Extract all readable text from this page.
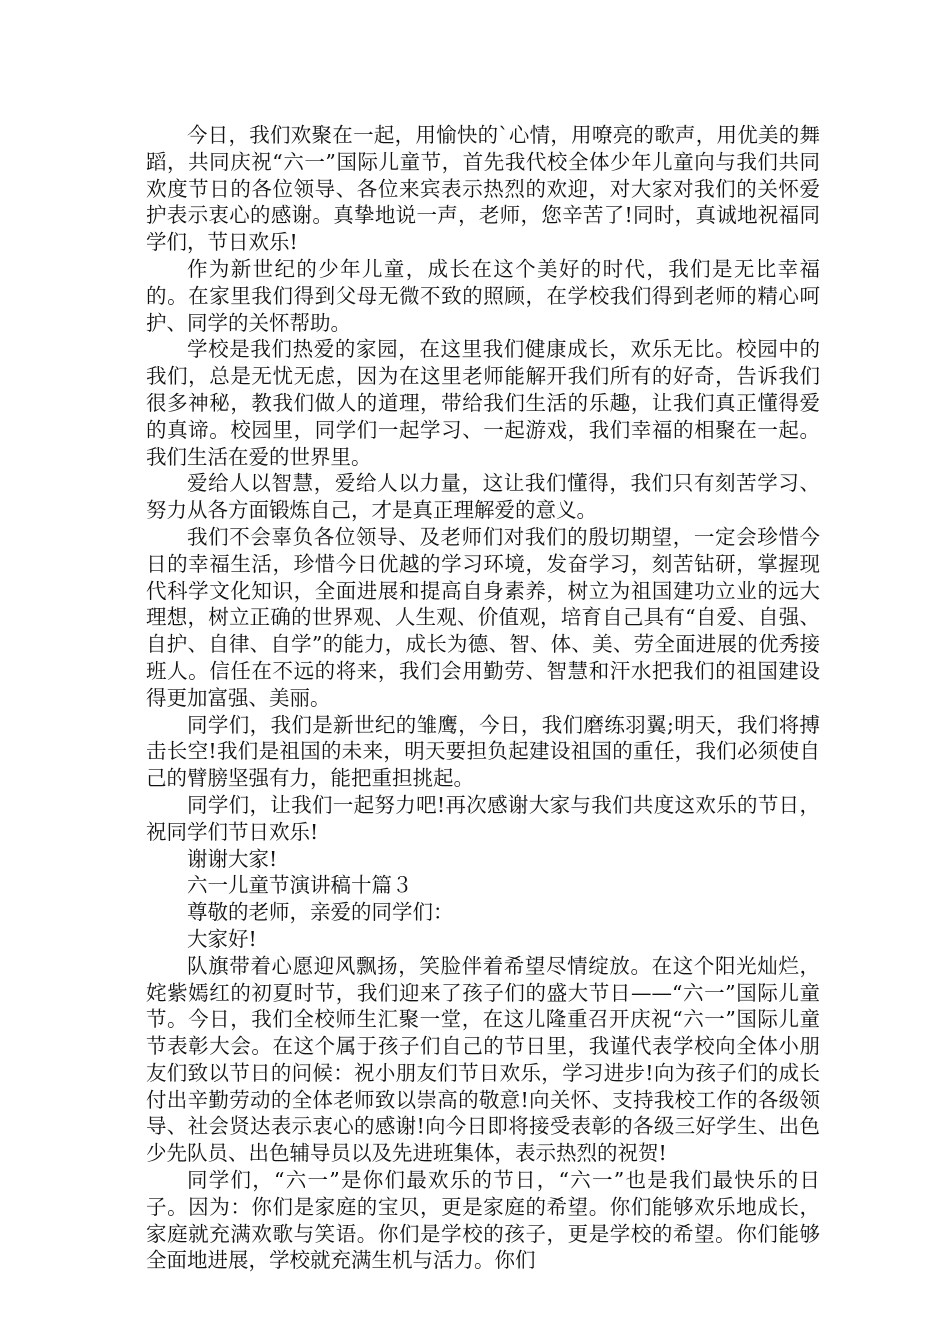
今日，我们欢聚在一起，用愉快的`心情，用嘹亮的歌声，用优美的舞蹈，共同庆祝“六一”国际儿童节，首先我代校全体少年儿童向与我们共同欢度节日的各位领导、各位来宾表示热烈的欢迎，对大家对我们的关怀爱护表示衷心的感谢。真挚地说一声，老师，您辛苦了!同时，真诚地祝福同学们，节日欢乐!

作为新世纪的少年儿童，成长在这个美好的时代，我们是无比幸福的。在家里我们得到父母无微不致的照顾，在学校我们得到老师的精心呵护、同学的关怀帮助。

学校是我们热爱的家园，在这里我们健康成长，欢乐无比。校园中的我们，总是无忧无虑，因为在这里老师能解开我们所有的好奇，告诉我们很多神秘，教我们做人的道理，带给我们生活的乐趣，让我们真正懂得爱的真谛。校园里，同学们一起学习、一起游戏，我们幸福的相聚在一起。我们生活在爱的世界里。

爱给人以智慧，爱给人以力量，这让我们懂得，我们只有刻苦学习、努力从各方面锻炼自己，才是真正理解爱的意义。

我们不会辜负各位领导、及老师们对我们的殷切期望，一定会珍惜今日的幸福生活，珍惜今日优越的学习环境，发奋学习，刻苦钻研，掌握现代科学文化知识，全面进展和提高自身素养，树立为祖国建功立业的远大理想，树立正确的世界观、人生观、价值观，培育自己具有“自爱、自强、自护、自律、自学”的能力，成长为德、智、体、美、劳全面进展的优秀接班人。信任在不远的将来，我们会用勤劳、智慧和汗水把我们的祖国建设得更加富强、美丽。

同学们，我们是新世纪的雏鹰，今日，我们磨练羽翼;明天，我们将搏击长空!我们是祖国的未来，明天要担负起建设祖国的重任，我们必须使自己的臂膀坚强有力，能把重担挑起。

同学们，让我们一起努力吧!再次感谢大家与我们共度这欢乐的节日，祝同学们节日欢乐!

谢谢大家!

六一儿童节演讲稿十篇３

尊敬的老师，亲爱的同学们：

大家好!

队旗带着心愿迎风飘扬，笑脸伴着希望尽情绽放。在这个阳光灿烂，姹紫嫣红的初夏时节，我们迎来了孩子们的盛大节日——“六一”国际儿童节。今日，我们全校师生汇聚一堂，在这儿隆重召开庆祝“六一”国际儿童节表彰大会。在这个属于孩子们自己的节日里，我谨代表学校向全体小朋友们致以节日的问候：祝小朋友们节日欢乐，学习进步!向为孩子们的成长付出辛勤劳动的全体老师致以崇高的敬意!向关怀、支持我校工作的各级领导、社会贤达表示衷心的感谢!向今日即将接受表彰的各级三好学生、出色少先队员、出色辅导员以及先进班集体，表示热烈的祝贺!

同学们，“六一”是你们最欢乐的节日，“六一”也是我们最快乐的日子。因为：你们是家庭的宝贝，更是家庭的希望。你们能够欢乐地成长，家庭就充满欢歌与笑语。你们是学校的孩子，更是学校的希望。你们能够全面地进展，学校就充满生机与活力。你们
